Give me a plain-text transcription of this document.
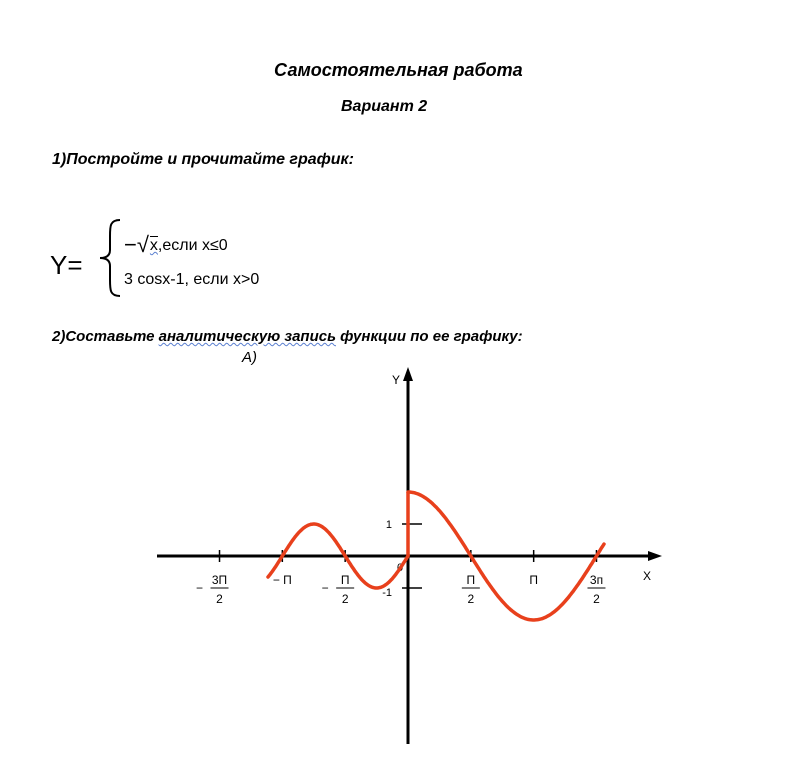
Самостоятельная работа
Вариант 2
1)Постройте и прочитайте график:
Y=
−√x,если x≤0
3 cosx-1, если x>0
2)Составьте аналитическую запись функции по ее графику:
А)
X
Y
0
−
3П
2
− П
−
П
2
П
2
П	3п
2
1
-1
